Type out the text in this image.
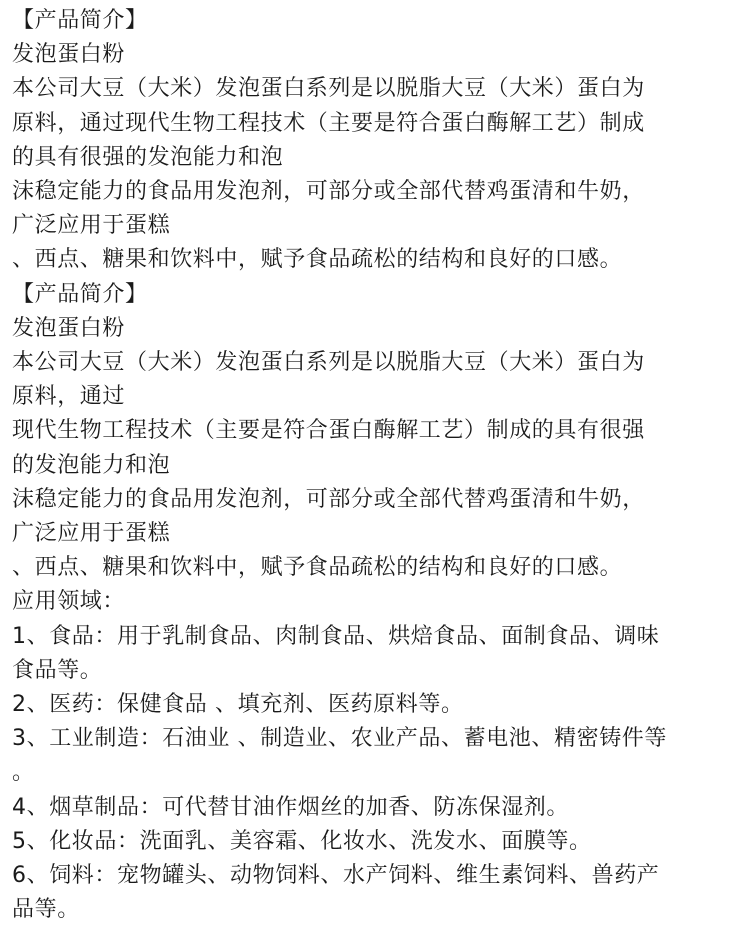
【产品简介】
发泡蛋白粉
本公司大豆（大米）发泡蛋白系列是以脱脂大豆（大米）蛋白为
原料，通过现代生物工程技术（主要是符合蛋白酶解工艺）制成
的具有很强的发泡能力和泡
沫稳定能力的食品用发泡剂，可部分或全部代替鸡蛋清和牛奶，
广泛应用于蛋糕
、西点、糖果和饮料中，赋予食品疏松的结构和良好的口感。
【产品简介】
发泡蛋白粉
本公司大豆（大米）发泡蛋白系列是以脱脂大豆（大米）蛋白为
原料，通过
现代生物工程技术（主要是符合蛋白酶解工艺）制成的具有很强
的发泡能力和泡
沫稳定能力的食品用发泡剂，可部分或全部代替鸡蛋清和牛奶，
广泛应用于蛋糕
、西点、糖果和饮料中，赋予食品疏松的结构和良好的口感。
应用领域：
1、食品：用于乳制食品、肉制食品、烘焙食品、面制食品、调味
食品等。
2、医药：保健食品 、填充剂、医药原料等。
3、工业制造：石油业 、制造业、农业产品、蓄电池、精密铸件等
。
4、烟草制品：可代替甘油作烟丝的加香、防冻保湿剂。
5、化妆品：洗面乳、美容霜、化妆水、洗发水、面膜等。
6、饲料：宠物罐头、动物饲料、水产饲料、维生素饲料、兽药产
品等。
